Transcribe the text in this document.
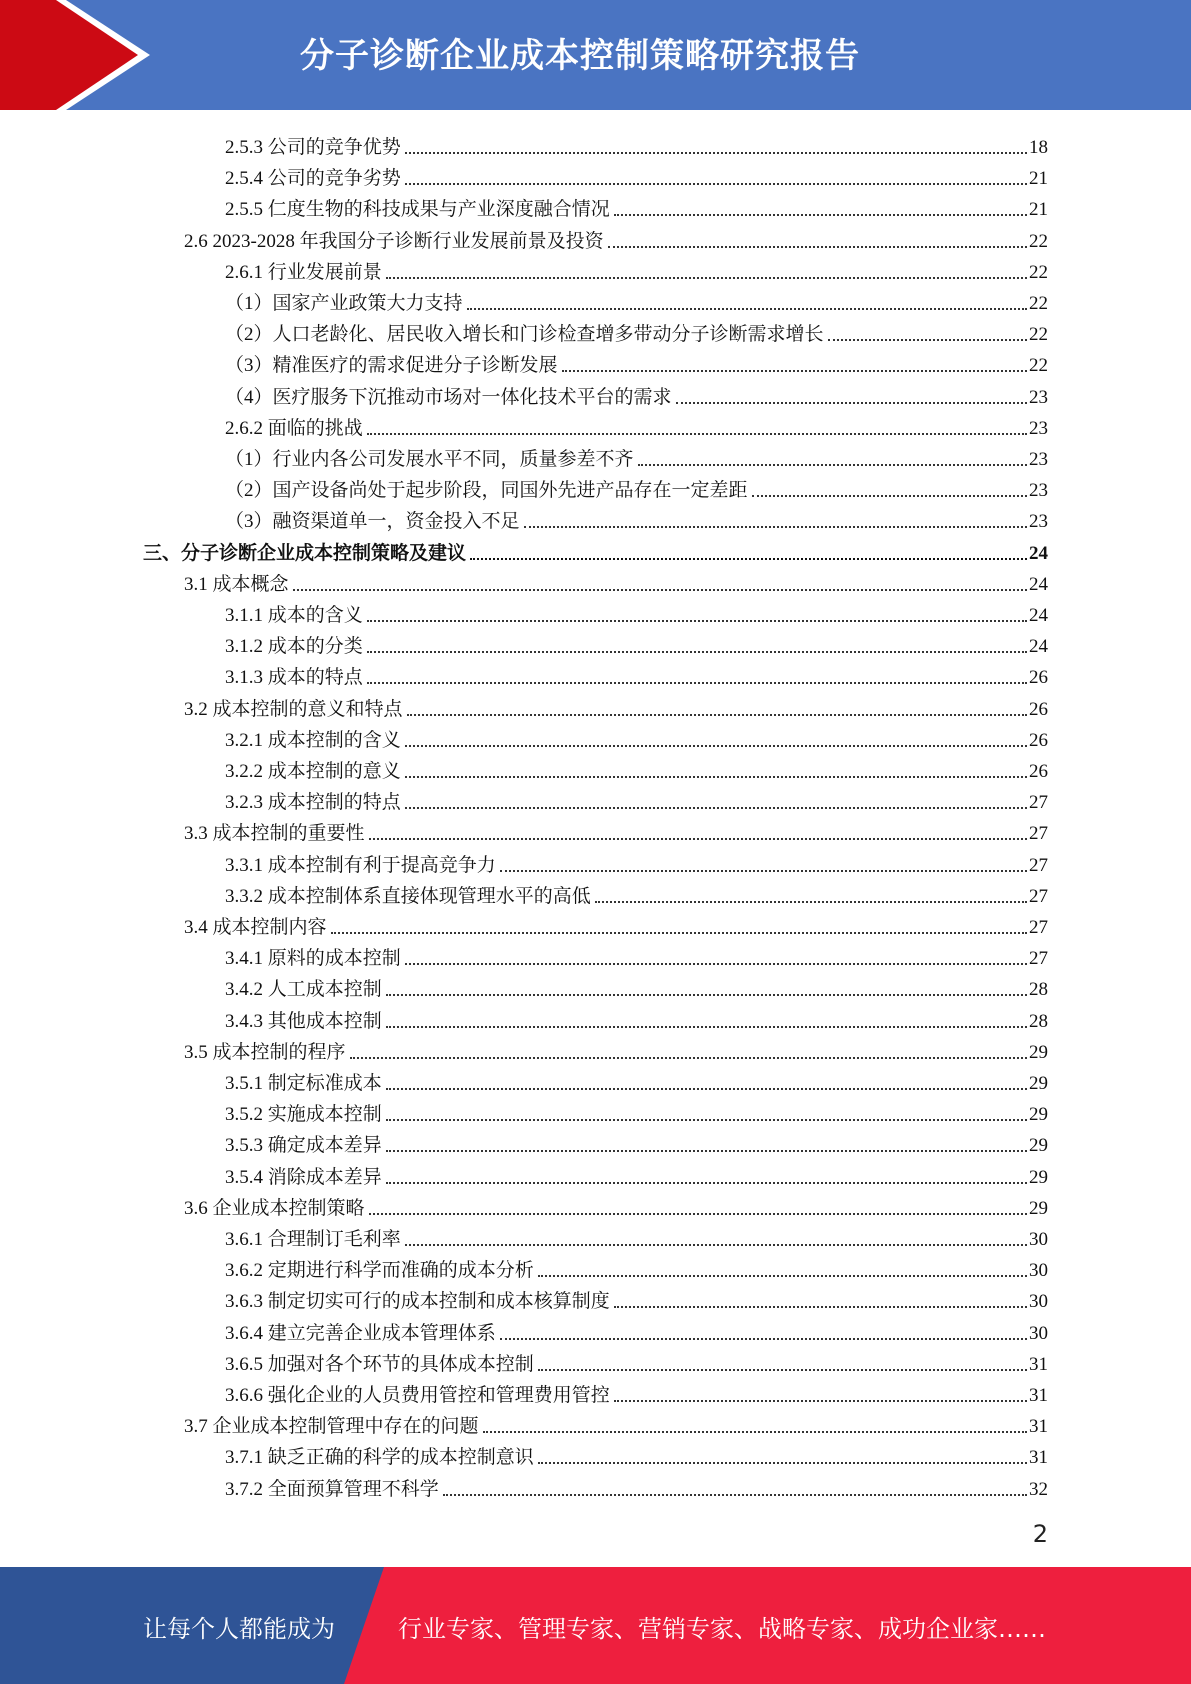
分子诊断企业成本控制策略研究报告
2.5.3 公司的竞争优势	18
2.5.4 公司的竞争劣势	21
2.5.5 仁度生物的科技成果与产业深度融合情况	21
2.6 2023-2028 年我国分子诊断行业发展前景及投资	22
2.6.1 行业发展前景	22
（1）国家产业政策大力支持	22
（2）人口老龄化、居民收入增长和门诊检查增多带动分子诊断需求增长	22
（3）精准医疗的需求促进分子诊断发展	22
（4）医疗服务下沉推动市场对一体化技术平台的需求	23
2.6.2 面临的挑战	23
（1）行业内各公司发展水平不同，质量参差不齐	23
（2）国产设备尚处于起步阶段，同国外先进产品存在一定差距	23
（3）融资渠道单一，资金投入不足	23
三、分子诊断企业成本控制策略及建议	24
3.1 成本概念	24
3.1.1 成本的含义	24
3.1.2 成本的分类	24
3.1.3 成本的特点	26
3.2 成本控制的意义和特点	26
3.2.1 成本控制的含义	26
3.2.2 成本控制的意义	26
3.2.3 成本控制的特点	27
3.3 成本控制的重要性	27
3.3.1 成本控制有利于提高竞争力	27
3.3.2 成本控制体系直接体现管理水平的高低	27
3.4 成本控制内容	27
3.4.1 原料的成本控制	27
3.4.2 人工成本控制	28
3.4.3 其他成本控制	28
3.5 成本控制的程序	29
3.5.1 制定标准成本	29
3.5.2 实施成本控制	29
3.5.3 确定成本差异	29
3.5.4 消除成本差异	29
3.6 企业成本控制策略	29
3.6.1 合理制订毛利率	30
3.6.2 定期进行科学而准确的成本分析	30
3.6.3 制定切实可行的成本控制和成本核算制度	30
3.6.4 建立完善企业成本管理体系	30
3.6.5 加强对各个环节的具体成本控制	31
3.6.6 强化企业的人员费用管控和管理费用管控	31
3.7 企业成本控制管理中存在的问题	31
3.7.1 缺乏正确的科学的成本控制意识	31
3.7.2 全面预算管理不科学	32
2
让每个人都能成为	行业专家、管理专家、营销专家、战略专家、成功企业家……
